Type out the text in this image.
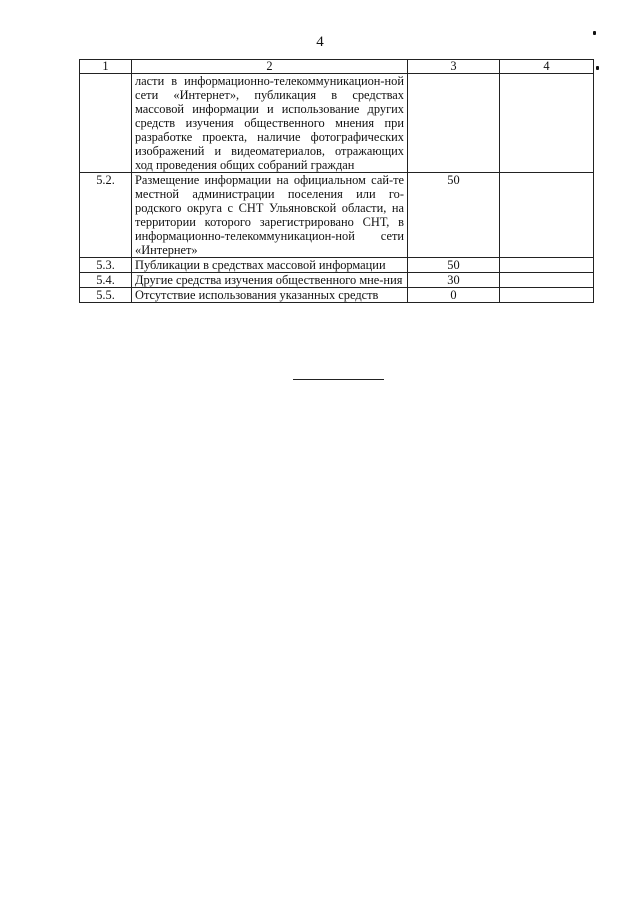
4
1	2	3	4
	ласти в информационно-телекоммуникацион-ной сети «Интернет», публикация в средствах массовой информации и использование других средств изучения общественного мнения при разработке проекта, наличие фотографических изображений и видеоматериалов, отражающих ход проведения общих собраний граждан		
5.2.	Размещение информации на официальном сай-те местной администрации поселения или го-родского округа с СНТ Ульяновской области, на территории которого зарегистрировано СНТ, в информационно-телекоммуникацион-ной сети «Интернет»	50	
5.3.	Публикации в средствах массовой информации	50	
5.4.	Другие средства изучения общественного мне-ния	30	
5.5.	Отсутствие использования указанных средств	0	
